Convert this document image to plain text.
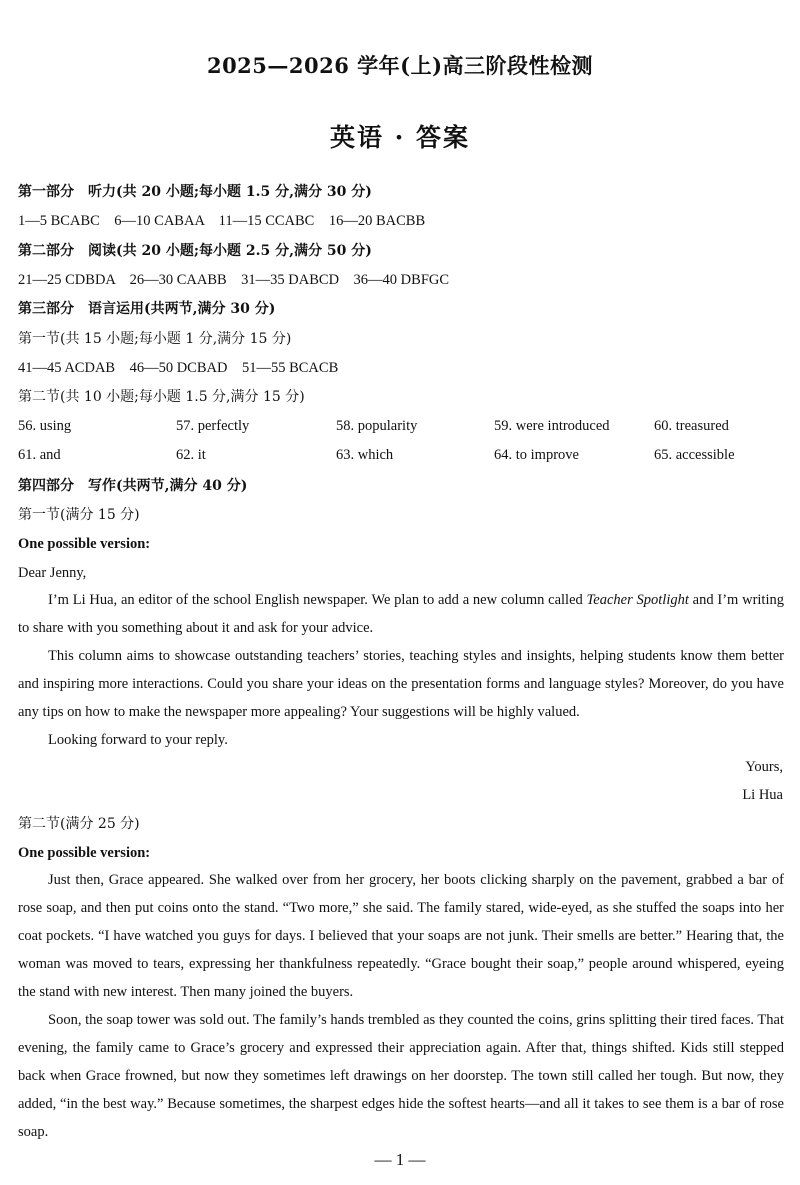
2025—2026 学年(上)高三阶段性检测
英语 · 答案
第一部分　听力(共 20 小题;每小题 1.5 分,满分 30 分)
1—5 BCABC　6—10 CABAA　11—15 CCABC　16—20 BACBB
第二部分　阅读(共 20 小题;每小题 2.5 分,满分 50 分)
21—25 CDBDA　26—30 CAABB　31—35 DABCD　36—40 DBFGC
第三部分　语言运用(共两节,满分 30 分)
第一节(共 15 小题;每小题 1 分,满分 15 分)
41—45 ACDAB　46—50 DCBAD　51—55 BCACB
第二节(共 10 小题;每小题 1.5 分,满分 15 分)
56. using	57. perfectly	58. popularity	59. were introduced	60. treasured
61. and	62. it	63. which	64. to improve	65. accessible
第四部分　写作(共两节,满分 40 分)
第一节(满分 15 分)
One possible version:
Dear Jenny,
I’m Li Hua, an editor of the school English newspaper. We plan to add a new column called Teacher Spotlight and I’m writing to share with you something about it and ask for your advice.
This column aims to showcase outstanding teachers’ stories, teaching styles and insights, helping students know them better and inspiring more interactions. Could you share your ideas on the presentation forms and language styles? Moreover, do you have any tips on how to make the newspaper more appealing? Your suggestions will be highly valued.
Looking forward to your reply.
Yours,
Li Hua
第二节(满分 25 分)
One possible version:
Just then, Grace appeared. She walked over from her grocery, her boots clicking sharply on the pavement, grabbed a bar of rose soap, and then put coins onto the stand. “Two more,” she said. The family stared, wide-eyed, as she stuffed the soaps into her coat pockets. “I have watched you guys for days. I believed that your soaps are not junk. Their smells are better.” Hearing that, the woman was moved to tears, expressing her thankfulness repeatedly. “Grace bought their soap,” people around whispered, eyeing the stand with new interest. Then many joined the buyers.
Soon, the soap tower was sold out. The family’s hands trembled as they counted the coins, grins splitting their tired faces. That evening, the family came to Grace’s grocery and expressed their appreciation again. After that, things shifted. Kids still stepped back when Grace frowned, but now they sometimes left drawings on her doorstep. The town still called her tough. But now, they added, “in the best way.” Because sometimes, the sharpest edges hide the softest hearts—and all it takes to see them is a bar of rose soap.
— 1 —
